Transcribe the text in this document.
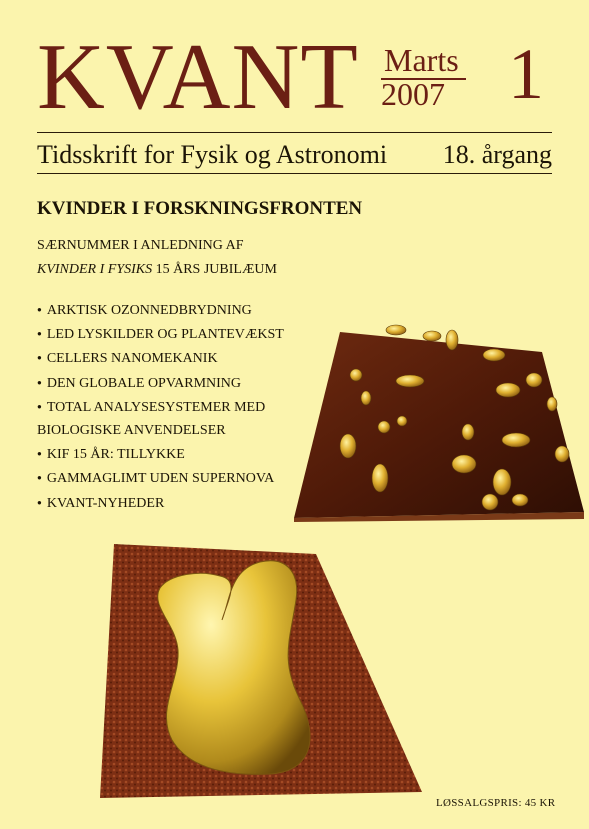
KVANT Marts
2007 1
Tidsskrift for Fysik og Astronomi 18. årgang
KVINDER I FORSKNINGSFRONTEN
SÆRNUMMER I ANLEDNING AF
KVINDER I FYSIKS 15 ÅRS JUBILÆUM
● ARKTISK OZONNEDBRYDNING
● LED LYSKILDER OG PLANTEVÆKST
● CELLERS NANOMEKANIK
● DEN GLOBALE OPVARMNING
● TOTAL ANALYSESYSTEMER MED
BIOLOGISKE ANVENDELSER
● KIF 15 ÅR: TILLYKKE
● GAMMAGLIMT UDEN SUPERNOVA
● KVANT-NYHEDER
LØSSALGSPRIS: 45 KR
